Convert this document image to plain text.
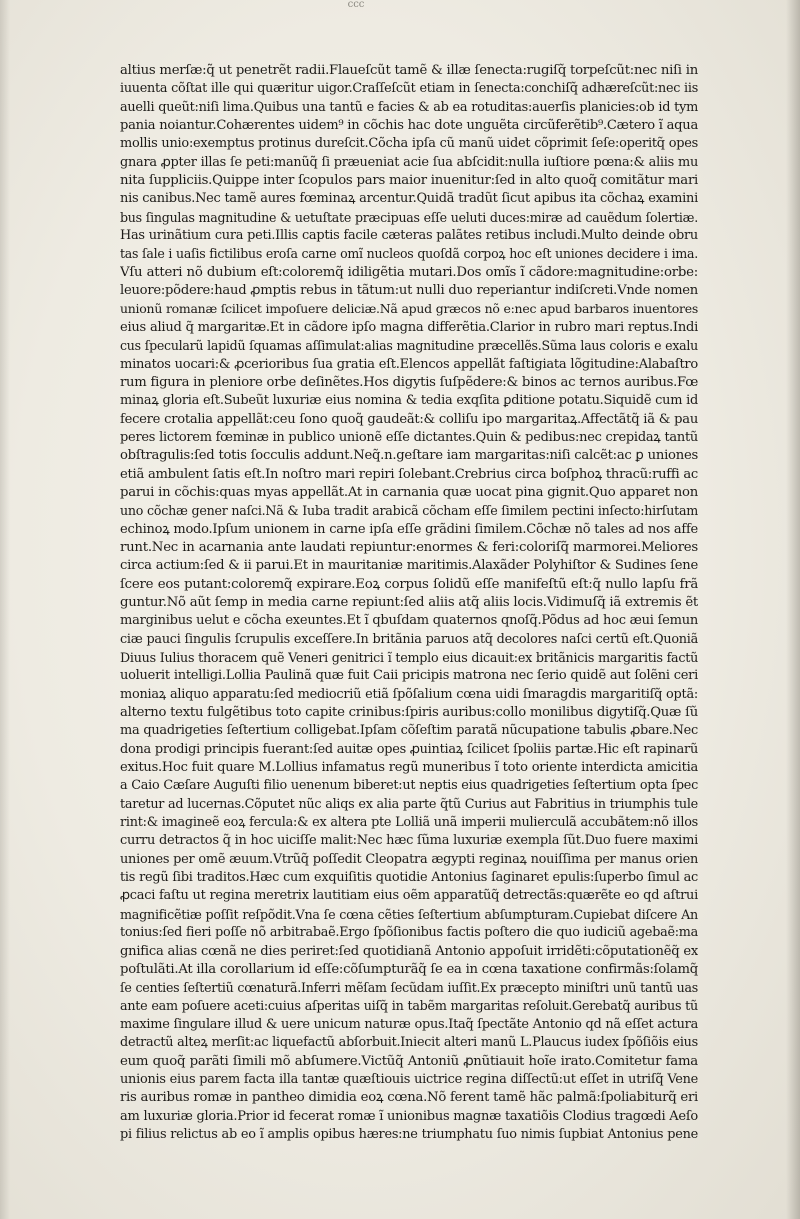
ccc
altius merſæ:q̃ ut penetrẽt radii.Flaueſcũt tamẽ & illæ ſenecta:rugiſq̃ torpeſcũt:nec niſi in
iuuenta cõſtat ille qui quæritur uigor.Craſſeſcũt etiam in ſenecta:conchiſq̃ adhæreſcũt:nec iis
auelli queũt:niſi lima.Quibus una tantũ e facies & ab ea rotuditas:auerſis planicies:ob id tym
pania noiantur.Cohærentes uidem⁹ in cõchis hac dote unguẽta circũferẽtib⁹.Cætero ĩ aqua
mollis unio:exemptus protinus dureſcit.Cõcha ipſa cũ manũ uidet cõprimit ſeſe:operitq̃ opes
gnara ꝓpter illas ſe peti:manũq̃ ſi præueniat acie ſua abſcidit:nulla iuſtiore pœna:& aliis mu
nita ſuppliciis.Quippe inter ſcopulos pars maior inuenitur:ſed in alto quoq̃ comitãtur mari
nis canibus.Nec tamẽ aures fœminaꝝ arcentur.Quidã tradũt ſicut apibus ita cõchaꝝ examini
bus ſingulas magnitudine & uetuſtate præcipuas eſſe ueluti duces:miræ ad cauẽdum ſolertiæ.
Has urinãtium cura peti.Illis captis facile cæteras palãtes retibus includi.Multo deinde obru
tas ſale i uaſis fictilibus eroſa carne omĩ nucleos quoſdã corpoꝝ hoc eſt uniones decidere i ima.
Vſu atteri nõ dubium eſt:coloremq̃ idiligẽtia mutari.Dos omĩs ĩ cãdore:magnitudine:orbe:
leuore:põdere:haud ꝓmptis rebus in tãtum:ut nulli duo reperiantur indiſcreti.Vnde nomen
unionũ romanæ ſcilicet impoſuere deliciæ.Nã apud græcos nõ e:nec apud barbaros inuentores
eius aliud q̃ margaritæ.Et in cãdore ipſo magna differẽtia.Clarior in rubro mari reptus.Indi
cus ſpecularũ lapidũ ſquamas aſſimulat:alias magnitudine præcellẽs.Sũma laus coloris e exalu
minatos uocari:& ꝓcerioribus ſua gratia eſt.Elencos appellãt faſtigiata lõgitudine:Alabaſtro
rum figura in pleniore orbe deſinẽtes.Hos digytis ſuſpẽdere:& binos ac ternos auribus.Fœ
minaꝝ gloria eſt.Subeũt luxuriæ eius nomina & tedia exqſita ꝑditione potatu.Siquidẽ cum id
fecere crotalia appellãt:ceu ſono quoq̃ gaudeãt:& colliſu ipo margaritaꝝ.Affectãtq̃ iã & pau
peres lictorem fœminæ in publico unionẽ eſſe dictantes.Quin & pedibus:nec crepidaꝝ tantũ
obſtragulis:ſed totis ſocculis addunt.Neq̃.n.geſtare iam margaritas:niſi calcẽt:ac ꝑ uniones
etiã ambulent ſatis eſt.In noſtro mari repiri ſolebant.Crebrius circa boſphoꝝ thracũ:ruffi ac
parui in cõchis:quas myas appellãt.At in carnania quæ uocat pina gignit.Quo apparet non
uno cõchæ gener naſci.Nã & Iuba tradit arabicã cõcham eſſe ſimilem pectini inſecto:hirſutam
echinoꝝ modo.Ipſum unionem in carne ipſa eſſe grãdini ſimilem.Cõchæ nõ tales ad nos affe
runt.Nec in acarnania ante laudati repiuntur:enormes & feri:coloriſq̃ marmorei.Meliores
circa actium:ſed & ii parui.Et in mauritaniæ maritimis.Alaxãder Polyhiſtor & Sudines ſene
ſcere eos putant:coloremq̃ expirare.Eoꝝ corpus ſolidũ eſſe manifeſtũ eſt:q̃ nullo lapſu frã
guntur.Nõ aũt ſemp in media carne repiunt:ſed aliis atq̃ aliis locis.Vidimuſq̃ iã extremis ẽt
marginibus uelut e cõcha exeuntes.Et ĩ qbuſdam quaternos qnoſq̃.Põdus ad hoc æui ſemun
ciæ pauci ſingulis ſcrupulis exceſſere.In britãnia paruos atq̃ decolores naſci certũ eſt.Quoniã
Diuus Iulius thoracem quẽ Veneri genitrici ĩ templo eius dicauit:ex britãnicis margaritis factũ
uoluerit intelligi.Lollia Paulinã quæ fuit Caii pricipis matrona nec ſerio quidẽ aut ſolẽni ceri
moniaꝝ aliquo apparatu:ſed mediocriũ etiã ſpõſalium cœna uidi ſmaragdis margaritiſq̃ optã:
alterno textu fulgẽtibus toto capite crinibus:ſpiris auribus:collo monilibus digytiſq̃.Quæ ſũ
ma quadrigeties ſeſtertium colligebat.Ipſam cõſeſtim paratã nũcupatione tabulis ꝓbare.Nec
dona prodigi principis fuerant:ſed auitæ opes ꝓuintiaꝝ ſcilicet ſpoliis partæ.Hic eſt rapinarũ
exitus.Hoc fuit quare M.Lollius infamatus regũ muneribus ĩ toto oriente interdicta amicitia
a Caio Cæſare Auguſti filio uenenum biberet:ut neptis eius quadrigeties ſeſtertium opta ſpec
taretur ad lucernas.Cõputet nũc aliqs ex alia parte q̃tũ Curius aut Fabritius in triumphis tule
rint:& imagineẽ eoꝝ fercula:& ex altera pte Lolliã unã imperii mulierculã accubãtem:nõ illos
curru detractos q̃ in hoc uiciſſe malit:Nec hæc ſũma luxuriæ exempla ſũt.Duo fuere maximi
uniones per omẽ æuum.Vtrũq̃ poſſedit Cleopatra ægypti reginaꝝ nouiſſima per manus orien
tis regũ ſibi traditos.Hæc cum exquiſitis quotidie Antonius ſaginaret epulis:ſuperbo ſimul ac
ꝓcaci faſtu ut regina meretrix lautitiam eius oẽm apparatũq̃ detrectãs:quærẽte eo qd aſtrui
magnificẽtiæ poſſit reſpõdit.Vna ſe cœna cẽties ſeſtertium abſumpturam.Cupiebat diſcere An
tonius:ſed fieri poſſe nõ arbitrabaẽ.Ergo ſpõſionibus factis poſtero die quo iudiciũ agebaẽ:ma
gnifica alias cœnã ne dies periret:ſed quotidianã Antonio appoſuit irridẽti:cõputationẽq̃ ex
poſtulãti.At illa corollarium id eſſe:cõſumpturãq̃ ſe ea in cœna taxatione confirmãs:ſolamq̃
ſe centies ſeſtertiũ cœnaturã.Inferri mẽſam ſecũdam iuſſit.Ex præcepto miniſtri unũ tantũ uas
ante eam poſuere aceti:cuius aſperitas uiſq̃ in tabẽm margaritas reſoluit.Gerebatq̃ auribus tũ
maxime ſingulare illud & uere unicum naturæ opus.Itaq̃ ſpectãte Antonio qd nã eſſet actura
detractũ alteꝝ merſit:ac liquefactũ abſorbuit.Iniecit alteri manũ L.Plaucus iudex ſpõſiõis eius
eum quoq̃ parãti ſimili mõ abſumere.Victũq̃ Antoniũ ꝓnũtiauit hoĩe irato.Comitetur fama
unionis eius parem facta illa tantæ quæſtiouis uictrice regina diſſectũ:ut eſſet in utriſq̃ Vene
ris auribus romæ in pantheo dimidia eoꝝ cœna.Nõ ferent tamẽ hãc palmã:ſpoliabiturq̃ eri
am luxuriæ gloria.Prior id fecerat romæ ĩ unionibus magnæ taxatiõis Clodius tragœdi Aeſo
pi filius relictus ab eo ĩ amplis opibus hæres:ne triumphatu ſuo nimis ſupbiat Antonius pene
